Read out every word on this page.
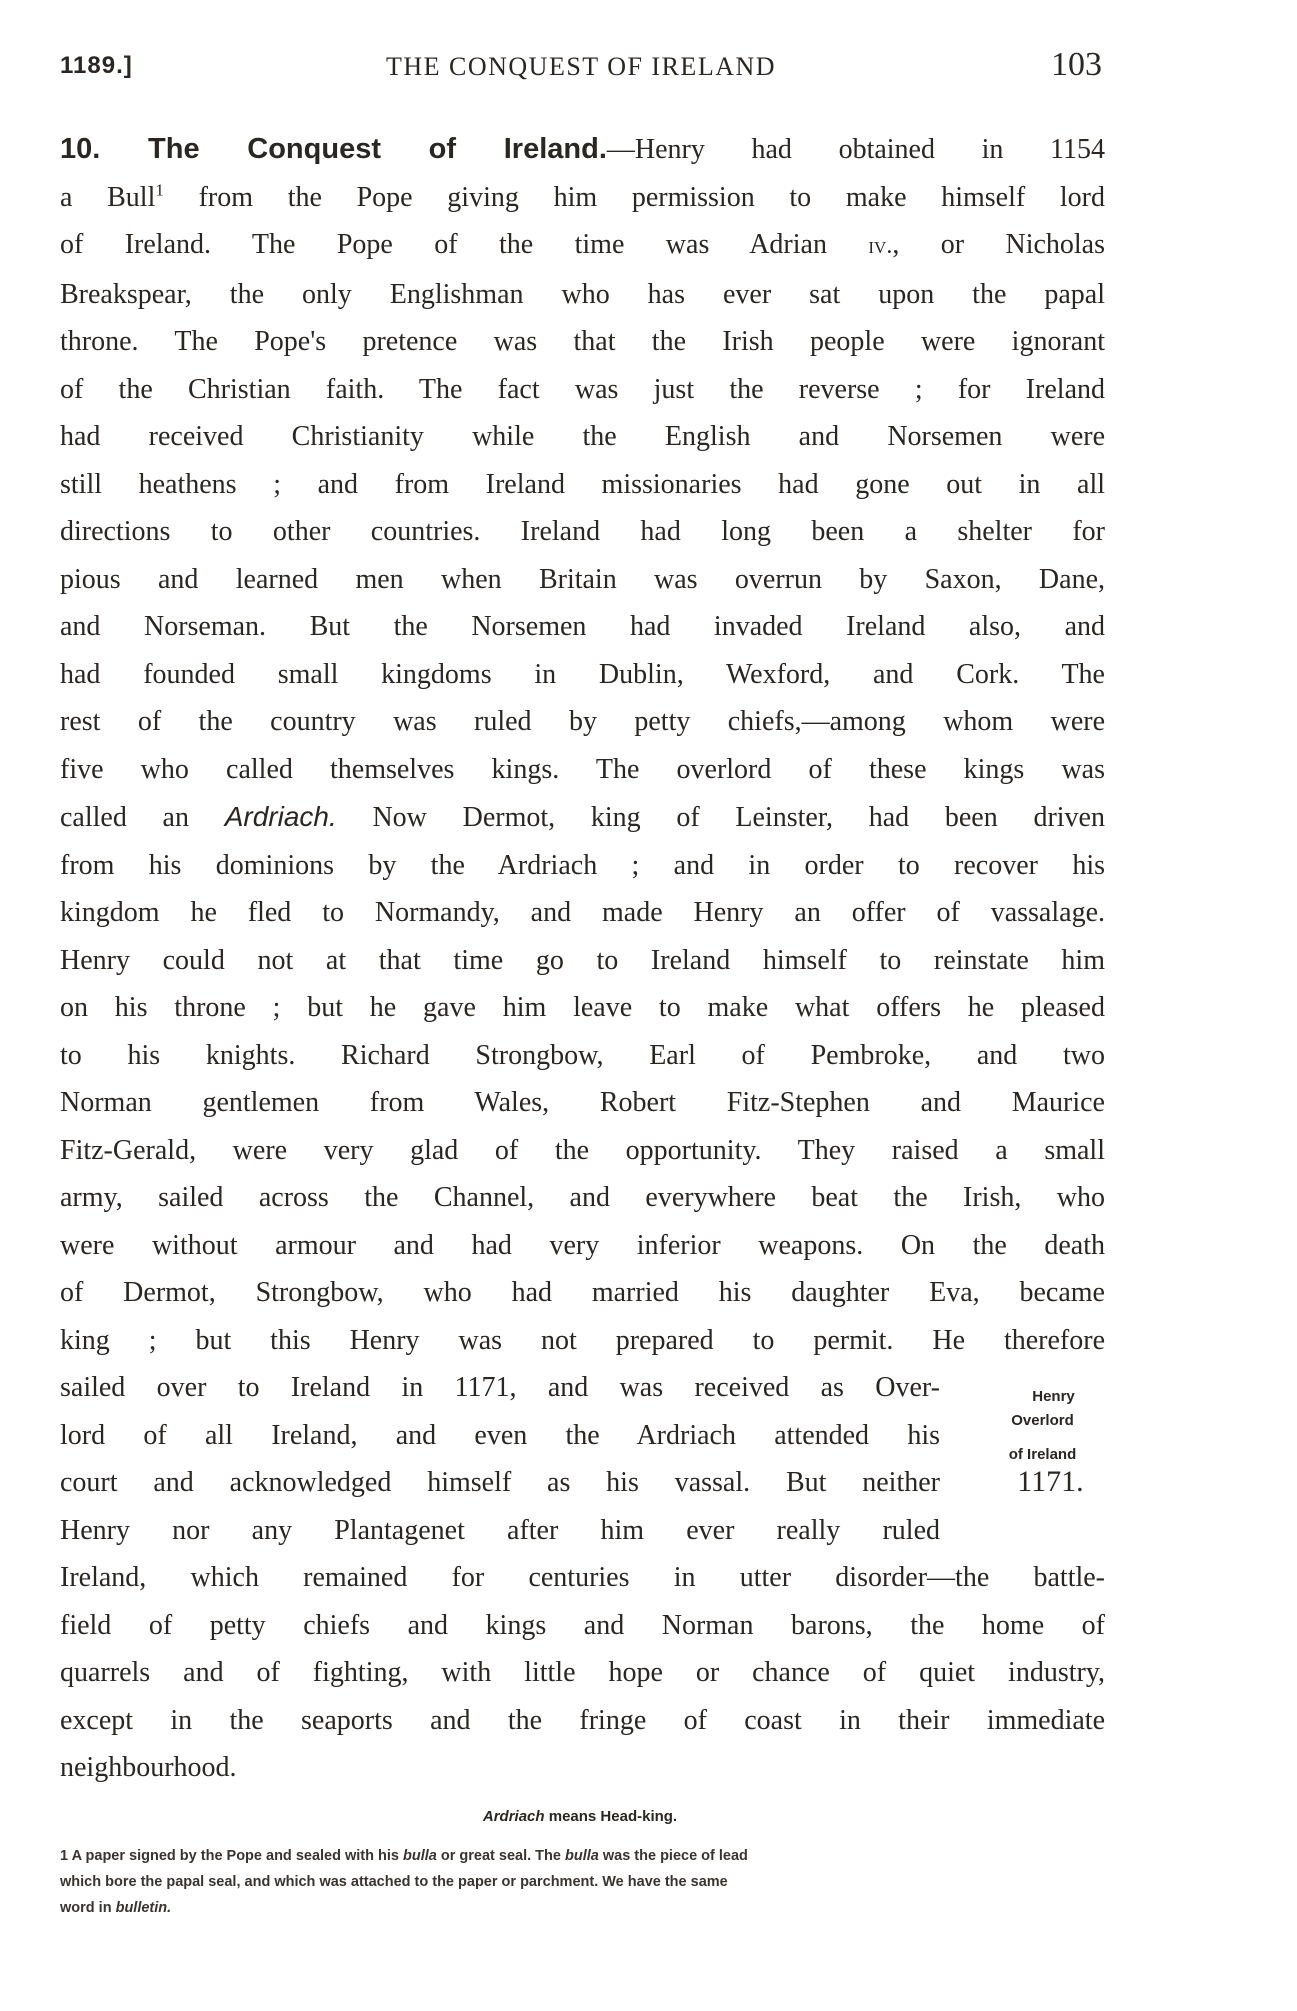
1189.]	THE CONQUEST OF IRELAND	103
10. The Conquest of Ireland.—Henry had obtained in 1154
a Bull$^1$ from the Pope giving him permission to make himself lord
of Ireland. The Pope of the time was Adrian iv., or Nicholas
Breakspear, the only Englishman who has ever sat upon the papal
throne. The Pope's pretence was that the Irish people were ignorant
of the Christian faith. The fact was just the reverse ; for Ireland
had received Christianity while the English and Norsemen were
still heathens ; and from Ireland missionaries had gone out in all
directions to other countries. Ireland had long been a shelter for
pious and learned men when Britain was overrun by Saxon, Dane,
and Norseman. But the Norsemen had invaded Ireland also, and
had founded small kingdoms in Dublin, Wexford, and Cork. The
rest of the country was ruled by petty chiefs,—among whom were
five who called themselves kings. The overlord of these kings was
called an Ardriach. Now Dermot, king of Leinster, had been driven
from his dominions by the Ardriach ; and in order to recover his
kingdom he fled to Normandy, and made Henry an offer of vassalage.
Henry could not at that time go to Ireland himself to reinstate him
on his throne ; but he gave him leave to make what offers he pleased
to his knights. Richard Strongbow, Earl of Pembroke, and two
Norman gentlemen from Wales, Robert Fitz-Stephen and Maurice
Fitz-Gerald, were very glad of the opportunity. They raised a small
army, sailed across the Channel, and everywhere beat the Irish, who
were without armour and had very inferior weapons. On the death
of Dermot, Strongbow, who had married his daughter Eva, became
king ; but this Henry was not prepared to permit. He therefore
sailed over to Ireland in 1171, and was received as Over-
lord of all Ireland, and even the Ardriach attended his
court and acknowledged himself as his vassal. But neither
Henry nor any Plantagenet after him ever really ruled
Ireland, which remained for centuries in utter disorder—the battle-
field of petty chiefs and kings and Norman barons, the home of
quarrels and of fighting, with little hope or chance of quiet industry,
except in the seaports and the fringe of coast in their immediate
neighbourhood.
Henry
Overlord
of Ireland
1171.
Ardriach means Head-king.
1 A paper signed by the Pope and sealed with his bulla or great seal. The bulla was the piece of lead
which bore the papal seal, and which was attached to the paper or parchment. We have the same
word in bulletin.
